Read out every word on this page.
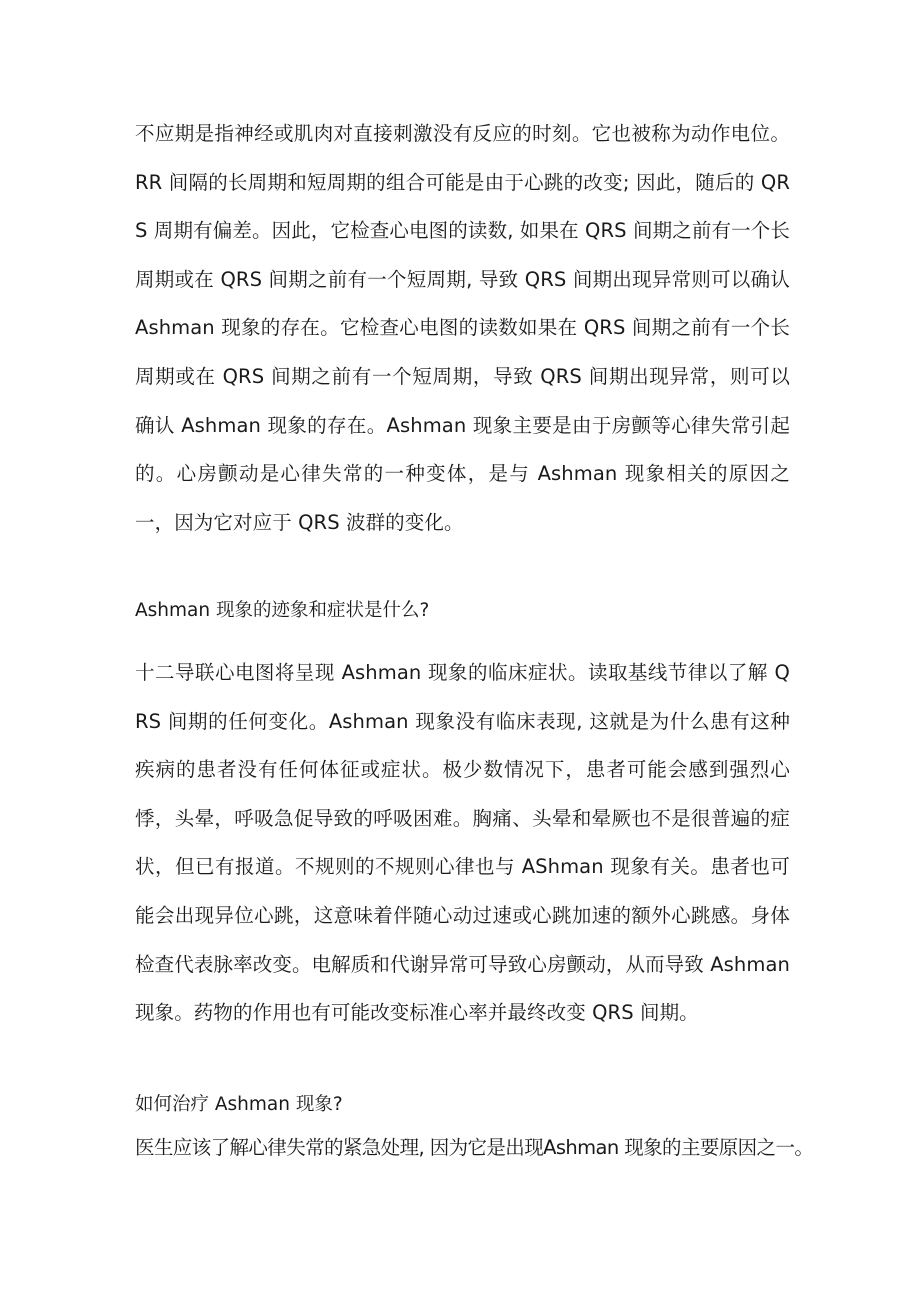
不应期是指神经或肌肉对直接刺激没有反应的时刻。它也被称为动作电位。RR 间隔的长周期和短周期的组合可能是由于心跳的改变; 因此，随后的 QRS 周期有偏差。因此，它检查心电图的读数, 如果在 QRS 间期之前有一个长周期或在 QRS 间期之前有一个短周期, 导致 QRS 间期出现异常则可以确认 Ashman 现象的存在。它检查心电图的读数如果在 QRS 间期之前有一个长周期或在 QRS 间期之前有一个短周期，导致 QRS 间期出现异常，则可以确认 Ashman 现象的存在。Ashman 现象主要是由于房颤等心律失常引起的。心房颤动是心律失常的一种变体，是与 Ashman 现象相关的原因之一，因为它对应于 QRS 波群的变化。

Ashman 现象的迹象和症状是什么?

十二导联心电图将呈现 Ashman 现象的临床症状。读取基线节律以了解 QRS 间期的任何变化。Ashman 现象没有临床表现, 这就是为什么患有这种疾病的患者没有任何体征或症状。极少数情况下，患者可能会感到强烈心悸，头晕，呼吸急促导致的呼吸困难。胸痛、头晕和晕厥也不是很普遍的症状，但已有报道。不规则的不规则心律也与 AShman 现象有关。患者也可能会出现异位心跳，这意味着伴随心动过速或心跳加速的额外心跳感。身体检查代表脉率改变。电解质和代谢异常可导致心房颤动，从而导致 Ashman 现象。药物的作用也有可能改变标准心率并最终改变 QRS 间期。

如何治疗 Ashman 现象?

医生应该了解心律失常的紧急处理, 因为它是出现Ashman 现象的主要原因之一。
